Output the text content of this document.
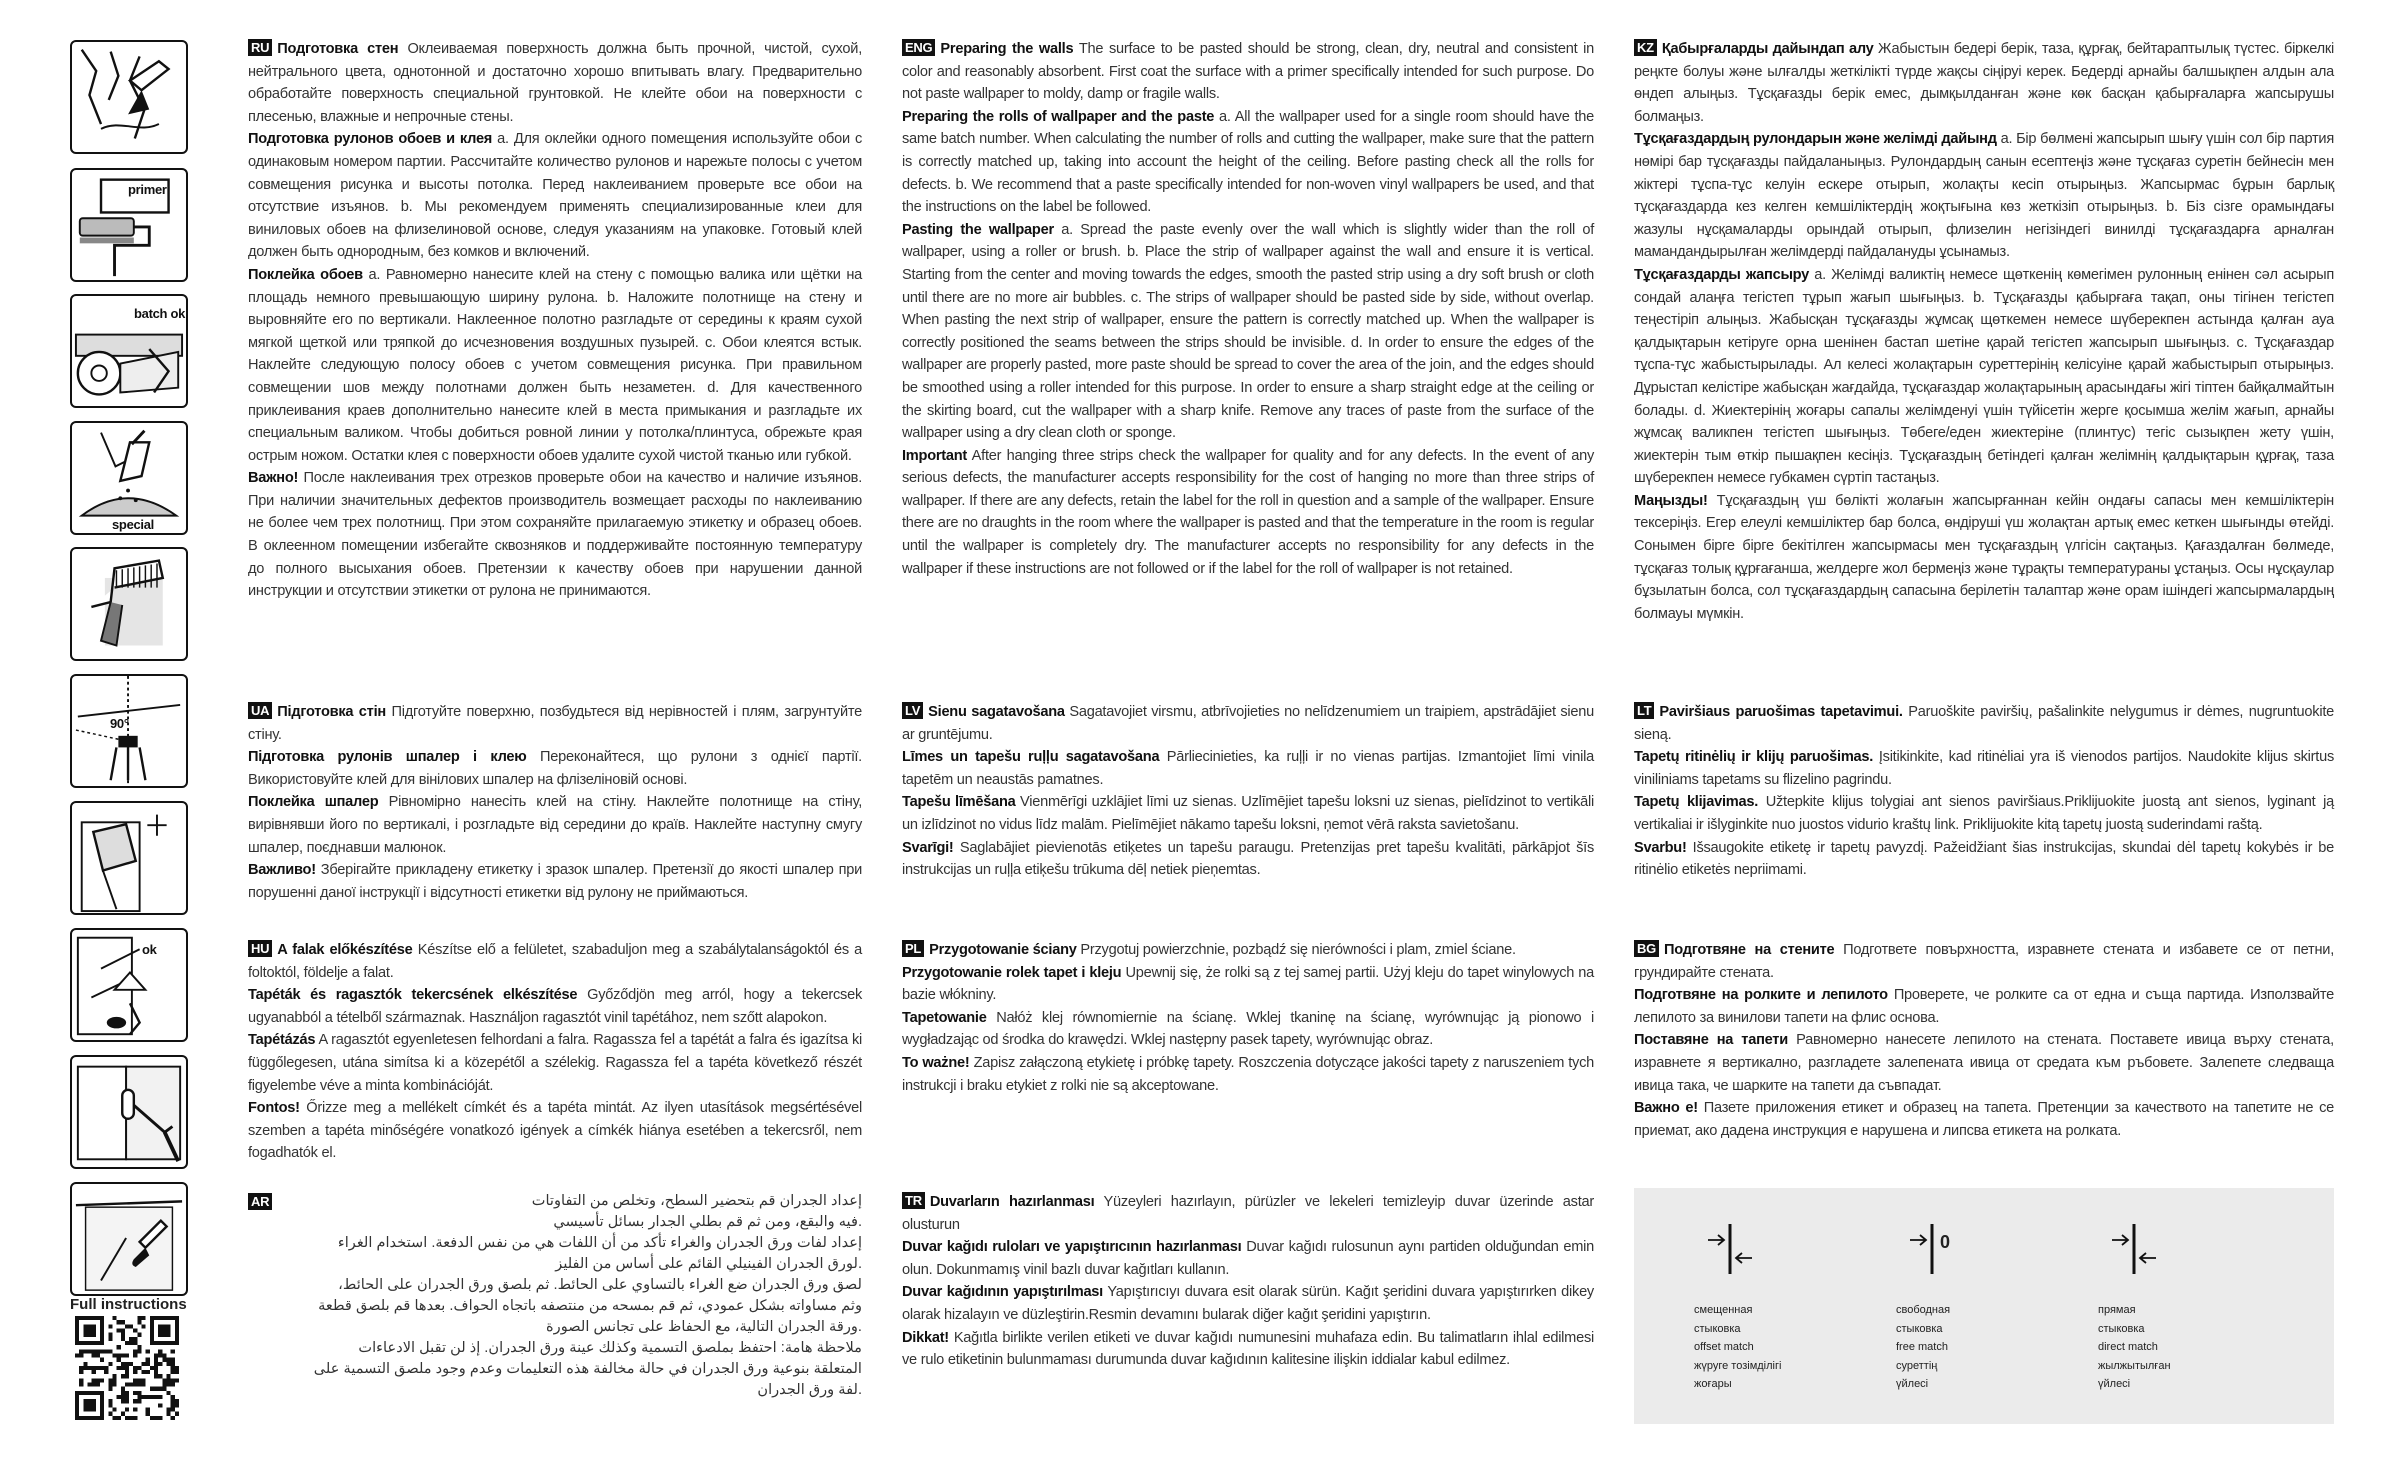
primer
batch ok
special
90°
ok
Full instructions

RU Подготовка стен Оклеиваемая поверхность должна быть прочной, чистой, сухой, нейтрального цвета, однотонной и достаточно хорошо впитывать влагу. Предварительно обработайте поверхность специальной грунтовкой. Не клейте обои на поверхности с плесенью, влажные и непрочные стены.

Подготовка рулонов обоев и клея a. Для оклейки одного помещения используйте обои с одинаковым номером партии. Рассчитайте количество рулонов и нарежьте полосы с учетом совмещения рисунка и высоты потолка. Перед наклеиванием проверьте все обои на отсутствие изъянов. b. Мы рекомендуем применять специализированные клеи для виниловых обоев на флизелиновой основе, следуя указаниям на упаковке. Готовый клей должен быть однородным, без комков и включений.

Поклейка обоев a. Равномерно нанесите клей на стену с помощью валика или щётки на площадь немного превышающую ширину рулона. b. Наложите полотнище на стену и выровняйте его по вертикали. Наклеенное полотно разгладьте от середины к краям сухой мягкой щеткой или тряпкой до исчезновения воздушных пузырей. c. Обои клеятся встык. Наклейте следующую полосу обоев с учетом совмещения рисунка. При правильном совмещении шов между полотнами должен быть незаметен. d. Для качественного приклеивания краев дополнительно нанесите клей в места примыкания и разгладьте их специальным валиком. Чтобы добиться ровной линии у потолка/плинтуса, обрежьте края острым ножом. Остатки клея с поверхности обоев удалите сухой чистой тканью или губкой.

Важно! После наклеивания трех отрезков проверьте обои на качество и наличие изъянов. При наличии значительных дефектов производитель возмещает расходы по наклеиванию не более чем трех полотнищ. При этом сохраняйте прилагаемую этикетку и образец обоев. В оклеенном помещении избегайте сквозняков и поддерживайте постоянную температуру до полного высыхания обоев. Претензии к качеству обоев при нарушении данной инструкции и отсутствии этикетки от рулона не принимаются.

UA Підготовка стін Підготуйте поверхню, позбудьтеся від нерівностей і плям, загрунтуйте стіну.

Підготовка рулонів шпалер і клею Переконайтеся, що рулони з однієї партії. Використовуйте клей для вінілових шпалер на флізеліновій основі.

Поклейка шпалер Рівномірно нанесіть клей на стіну. Наклейте полотнище на стіну, вирівнявши його по вертикалі, і розгладьте від середини до країв. Наклейте наступну смугу шпалер, поєднавши малюнок.

Важливо! Зберігайте прикладену етикетку і зразок шпалер. Претензії до якості шпалер при порушенні даної інструкції і відсутності етикетки від рулону не приймаються.

HU A falak előkészítése Készítse elő a felületet, szabaduljon meg a szabálytalanságoktól és a foltoktól, földelje a falat.

Tapéták és ragasztók tekercsének elkészítése Győződjön meg arról, hogy a tekercsek ugyanabból a tételből származnak. Használjon ragasztót vinil tapétához, nem szőtt alapokon.

Tapétázás A ragasztót egyenletesen felhordani a falra. Ragassza fel a tapétát a falra és igazítsa ki függőlegesen, utána simítsa ki a közepétől a szélekig. Ragassza fel a tapéta következő részét figyelembe véve a minta kombinációját.

Fontos! Őrizze meg a mellékelt címkét és a tapéta mintát. Az ilyen utasítások megsértésével szemben a tapéta minőségére vonatkozó igények a címkék hiánya esetében a tekercsről, nem fogadhatók el.

إعداد الجدران قم بتحضير السطح، وتخلص من التفاوتات

.فيه والبقع، ومن ثم قم بطلي الجدار بسائل تأسيسي

إعداد لفات ورق الجدران والغراء تأكد من أن اللفات هي من نفس الدفعة. استخدام الغراء

.لورق الجدران الفينيلي القائم على أساس من الفليز

لصق ورق الجدران ضع الغراء بالتساوي على الحائط. ثم بلصق ورق الجدران على الحائط،

وثم مساواته بشكل عمودي، ثم قم بمسحه من منتصفه باتجاه الحواف. بعدها قم بلصق قطعة

.ورقة الجدران التالية، مع الحفاظ على تجانس الصورة

ملاحظة هامة: احتفظ بملصق التسمية وكذلك عينة ورق الجدران. إذ لن تقبل الادعاءات

المتعلقة بنوعية ورق الجدران في حالة مخالفة هذه التعليمات وعدم وجود ملصق التسمية على

.لفة ورق الجدران

AR

ENG Preparing the walls The surface to be pasted should be strong, clean, dry, neutral and consistent in color and reasonably absorbent. First coat the surface with a primer specifically intended for such purpose. Do not paste wallpaper to moldy, damp or fragile walls.

Preparing the rolls of wallpaper and the paste a. All the wallpaper used for a single room should have the same batch number. When calculating the number of rolls and cutting the wallpaper, make sure that the pattern is correctly matched up, taking into account the height of the ceiling. Before pasting check all the rolls for defects. b. We recommend that a paste specifically intended for non-woven vinyl wallpapers be used, and that the instructions on the label be followed.

Pasting the wallpaper a. Spread the paste evenly over the wall which is slightly wider than the roll of wallpaper, using a roller or brush. b. Place the strip of wallpaper against the wall and ensure it is vertical. Starting from the center and moving towards the edges, smooth the pasted strip using a dry soft brush or cloth until there are no more air bubbles. c. The strips of wallpaper should be pasted side by side, without overlap. When pasting the next strip of wallpaper, ensure the pattern is correctly matched up. When the wallpaper is correctly positioned the seams between the strips should be invisible. d. In order to ensure the edges of the wallpaper are properly pasted, more paste should be spread to cover the area of the join, and the edges should be smoothed using a roller intended for this purpose. In order to ensure a sharp straight edge at the ceiling or the skirting board, cut the wallpaper with a sharp knife. Remove any traces of paste from the surface of the wallpaper using a dry clean cloth or sponge.

Important After hanging three strips check the wallpaper for quality and for any defects. In the event of any serious defects, the manufacturer accepts responsibility for the cost of hanging no more than three strips of wallpaper. If there are any defects, retain the label for the roll in question and a sample of the wallpaper. Ensure there are no draughts in the room where the wallpaper is pasted and that the temperature in the room is regular until the wallpaper is completely dry. The manufacturer accepts no responsibility for any defects in the wallpaper if these instructions are not followed or if the label for the roll of wallpaper is not retained.

LV Sienu sagatavošana Sagatavojiet virsmu, atbrīvojieties no nelīdzenumiem un traipiem, apstrādājiet sienu ar gruntējumu.

Līmes un tapešu ruļļu sagatavošana Pārliecinieties, ka ruļļi ir no vienas partijas. Izmantojiet līmi vinila tapetēm un neaustās pamatnes.

Tapešu līmēšana Vienmērīgi uzklājiet līmi uz sienas. Uzlīmējiet tapešu loksni uz sienas, pielīdzinot to vertikāli un izlīdzinot no vidus līdz malām. Pielīmējiet nākamo tapešu loksni, ņemot vērā raksta savietošanu.

Svarīgi! Saglabājiet pievienotās etiķetes un tapešu paraugu. Pretenzijas pret tapešu kvalitāti, pārkāpjot šīs instrukcijas un ruļļa etiķešu trūkuma dēļ netiek pieņemtas.

PL Przygotowanie ściany Przygotuj powierzchnie, pozbądź się nierówności i plam, zmiel ściane.

Przygotowanie rolek tapet i kleju Upewnij się, że rolki są z tej samej partii. Użyj kleju do tapet winylowych na bazie włókniny.

Tapetowanie Nałóż klej równomiernie na ścianę. Wklej tkaninę na ścianę, wyrównując ją pionowo i wygładzając od środka do krawędzi. Wklej następny pasek tapety, wyrównując obraz.

To ważne! Zapisz załączoną etykietę i próbkę tapety. Roszczenia dotyczące jakości tapety z naruszeniem tych instrukcji i braku etykiet z rolki nie są akceptowane.

TR Duvarların hazırlanması Yüzeyleri hazırlayın, pürüzler ve lekeleri temizleyip duvar üzerinde astar olusturun

Duvar kağıdı ruloları ve yapıştırıcının hazırlanması Duvar kağıdı rulosunun aynı partiden olduğundan emin olun. Dokunmamış vinil bazlı duvar kağıtları kullanın.

Duvar kağıdının yapıştırılması Yapıştırıcıyı duvara esit olarak sürün. Kağıt şeridini duvara yapıştırırken dikey olarak hizalayın ve düzleştirin.Resmin devamını bularak diğer kağıt şeridini yapıştırın.

Dikkat! Kağıtla birlikte verilen etiketi ve duvar kağıdı numunesini muhafaza edin. Bu talimatların ihlal edilmesi ve rulo etiketinin bulunmaması durumunda duvar kağıdının kalitesine ilişkin iddialar kabul edilmez.

KZ Қабырғаларды дайындап алу Жабыстын бедері берік, таза, құрғақ, бейтараптылық түстес. біркелкі реңкте болуы және ылғалды жеткілікті түрде жақсы сіңіруі керек. Бедерді арнайы балшықпен алдын ала өндеп алыңыз. Тұсқағазды берік емес, дымқылданған және көк басқан қабырғаларға жапсырушы болмаңыз.

Тұсқағаздардың рулондарын және желімді дайынд a. Бір бөлмені жапсырып шығу үшін сол бір партия нөмірі бар тұсқағазды пайдаланыңыз. Рулондардың санын есептеңіз және тұсқағаз суретін бейнесін мен жіктері тұспа-тұс келуін ескере отырып, жолақты кесіп отырыңыз. Жапсырмас бұрын барлық тұсқағаздарда кез келген кемшіліктердің жоқтығына көз жеткізіп отырыңыз. b. Біз сізге орамындағы жазулы нұсқамаларды орындай отырып, флизелин негізіндегі винилді тұсқағаздарға арналған мамандандырылған желімдерді пайдалануды ұсынамыз.

Тұсқағаздарды жапсыру a. Желімді валиктің немесе щөткенің көмегімен рулонның енінен сәл асырып сондай алаңға тегістеп тұрып жағып шығыңыз. b. Тұсқағазды қабырғаға тақап, оны тігінен тегістеп теңестіріп алыңыз. Жабысқан тұсқағазды жұмсақ щөткемен немесе шүберекпен астында қалған ауа қалдықтарын кетіруге орна шенінен бастап шетіне қарай тегістеп жапсырып шығыңыз. c. Тұсқағаздар тұспа-тұс жабыстырылады. Ал келесі жолақтарын суреттерінің келісуіне қарай жабыстырып отырыңыз. Дұрыстап келістіре жабысқан жағдайда, тұсқағаздар жолақтарының арасындағы жігі тіптен байқалмайтын болады. d. Жиектерінің жоғары сапалы желімденуі үшін түйісетін жерге қосымша желім жағып, арнайы жұмсақ валикпен тегістеп шығыңыз. Төбеге/еден жиектеріне (плинтус) тегіс сызықпен жету үшін, жиектерін тым өткір пышақпен кесіңіз. Тұсқағаздың бетіндегі қалған желімнің қалдықтарын құрғақ, таза шүберекпен немесе губкамен сүртіп тастаңыз.

Маңызды! Тұсқағаздың үш бөлікті жолағын жапсырғаннан кейін ондағы сапасы мен кемшіліктерін тексеріңіз. Егер елеулі кемшіліктер бар болса, өндіруші үш жолақтан артық емес кеткен шығынды өтейді. Сонымен бірге бірге бекітілген жапсырмасы мен тұсқағаздың үлгісін сақтаңыз. Қағаздалған бөлмеде, тұсқағаз толық құрғағанша, желдерге жол бермеңіз және тұрақты температураны ұстаңыз. Осы нұсқаулар бұзылатын болса, сол тұсқағаздардың сапасына берілетін талаптар және орам ішіндегі жапсырмалардың болмауы мүмкін.

LT Paviršiaus paruošimas tapetavimui. Paruoškite paviršių, pašalinkite nelygumus ir dėmes, nugruntuokite sieną.

Tapetų ritinėlių ir klijų paruošimas. Įsitikinkite, kad ritinėliai yra iš vienodos partijos. Naudokite klijus skirtus viniliniams tapetams su flizelino pagrindu.

Tapetų klijavimas. Užtepkite klijus tolygiai ant sienos paviršiaus.Priklijuokite juostą ant sienos, lyginant ją vertikaliai ir išlyginkite nuo juostos vidurio kraštų link. Priklijuokite kitą tapetų juostą suderindami raštą.

Svarbu! Išsaugokite etiketę ir tapetų pavyzdį. Pažeidžiant šias instrukcijas, skundai dėl tapetų kokybės ir be ritinėlio etiketės nepriimami.

BG Подготвяне на стените Подгответе повърхността, изравнете стената и избавете се от петни, грундирайте стената.

Подготвяне на ролките и лепилото Проверете, че ролките са от една и съща партида. Използвайте лепилото за винилови тапети на флис основа.

Поставяне на тапети Равномерно нанесете лепилото на стената. Поставете ивица върху стената, изравнете я вертикално, разгладете залепената ивица от средата към ръбовете. Залепете следваща ивица така, че шарките на тапети да съвпадат.

Важно е! Пазете приложения етикет и образец на тапета. Претенции за качеството на тапетите не се приемат, ако дадена инструкция е нарушена и липсва етикета на ролката.

смещенная
стыковка
offset match
жүруге тозімділігі
жоғары
0
свободная
стыковка
free match
суреттің
үйлесі
прямая
стыковка
direct match
жылжытылған
үйлесі
